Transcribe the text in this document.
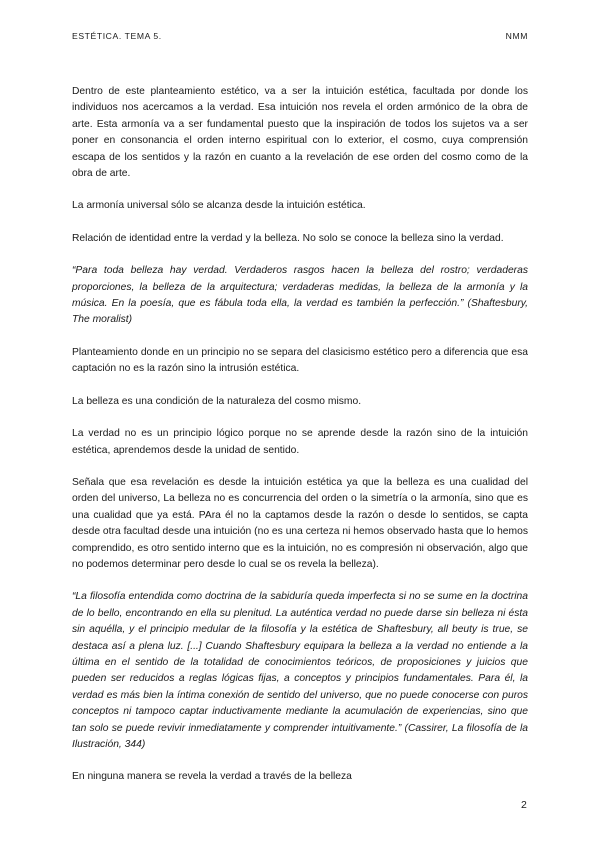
ESTÉTICA. TEMA 5.	NMM

Dentro de este planteamiento estético, va a ser la intuición estética, facultada por donde los individuos nos acercamos a la verdad. Esa intuición nos revela el orden armónico de la obra de arte. Esta armonía va a ser fundamental puesto que la inspiración de todos los sujetos va a ser poner en consonancia el orden interno espiritual con lo exterior, el cosmo, cuya comprensión escapa de los sentidos y la razón en cuanto a la revelación de ese orden del cosmo como de la obra de arte.

La armonía universal sólo se alcanza desde la intuición estética.

Relación de identidad entre la verdad y la belleza. No solo se conoce la belleza sino la verdad.

“Para toda belleza hay verdad. Verdaderos rasgos hacen la belleza del rostro; verdaderas proporciones, la belleza de la arquitectura; verdaderas medidas, la belleza de la armonía y la música. En la poesía, que es fábula toda ella, la verdad es también la perfección.” (Shaftesbury, The moralist)

Planteamiento donde en un principio no se separa del clasicismo estético pero a diferencia que esa captación no es la razón sino la intrusión estética.

La belleza es una condición de la naturaleza del cosmo mismo.

La verdad no es un principio lógico porque no se aprende desde la razón sino de la intuición estética, aprendemos desde la unidad de sentido.

Señala que esa revelación es desde la intuición estética ya que la belleza es una cualidad del orden del universo, La belleza no es concurrencia del orden o la simetría o la armonía, sino que es una cualidad que ya está. PAra él no la captamos desde la razón o desde lo sentidos, se capta desde otra facultad desde una intuición (no es una certeza ni hemos observado hasta que lo hemos comprendido, es otro sentido interno que es la intuición, no es compresión ni observación, algo que no podemos determinar pero desde lo cual se os revela la belleza).

“La filosofía entendida como doctrina de la sabiduría queda imperfecta si no se sume en la doctrina de lo bello, encontrando en ella su plenitud. La auténtica verdad no puede darse sin belleza ni ésta sin aquélla, y el principio medular de la filosofía y la estética de Shaftesbury, all beuty is true, se destaca así a plena luz. [...] Cuando Shaftesbury equipara la belleza a la verdad no entiende a la última en el sentido de la totalidad de conocimientos teóricos, de proposiciones y juicios que pueden ser reducidos a reglas lógicas fijas, a conceptos y principios fundamentales. Para él, la verdad es más bien la íntima conexión de sentido del universo, que no puede conocerse con puros conceptos ni tampoco captar inductivamente mediante la acumulación de experiencias, sino que tan solo se puede revivir inmediatamente y comprender intuitivamente.” (Cassirer, La filosofía de la Ilustración, 344)

En ninguna manera se revela la verdad a través de la belleza

2
